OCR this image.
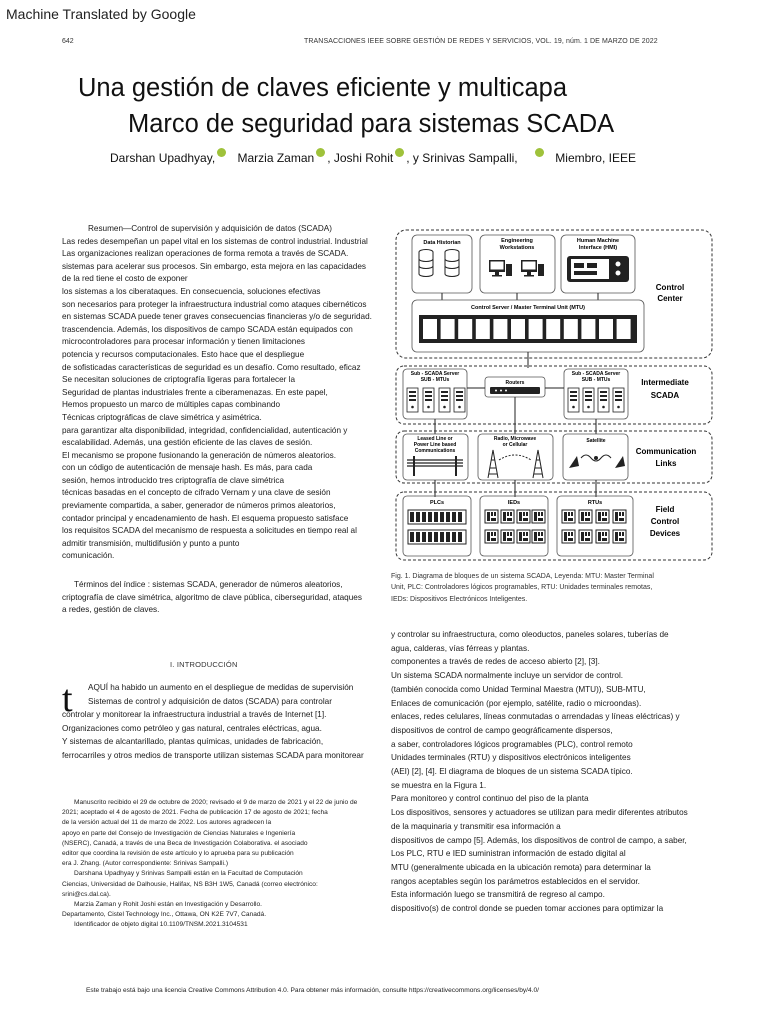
Machine Translated by Google
642	TRANSACCIONES IEEE SOBRE GESTIÓN DE REDES Y SERVICIOS, VOL. 19, núm. 1 DE MARZO DE 2022
Una gestión de claves eficiente y multicapa
Marco de seguridad para sistemas SCADA
Darshan Upadhyay, Marzia Zaman , Joshi Rohit , y Srinivas Sampalli,	Miembro, IEEE

Resumen—Control de supervisión y adquisición de datos (SCADA)

Las redes desempeñan un papel vital en los sistemas de control industrial. Industrial

Las organizaciones realizan operaciones de forma remota a través de SCADA.

sistemas para acelerar sus procesos. Sin embargo, esta mejora en las capacidades

de la red tiene el costo de exponer

los sistemas a los ciberataques. En consecuencia, soluciones efectivas

son necesarios para proteger la infraestructura industrial como ataques cibernéticos

en sistemas SCADA puede tener graves consecuencias financieras y/o de seguridad.

trascendencia. Además, los dispositivos de campo SCADA están equipados con

microcontroladores para procesar información y tienen limitaciones

potencia y recursos computacionales. Esto hace que el despliegue

de sofisticadas características de seguridad es un desafío. Como resultado, eficaz

Se necesitan soluciones de criptografía ligeras para fortalecer la

Seguridad de plantas industriales frente a ciberamenazas. En este papel,

Hemos propuesto un marco de múltiples capas combinando

Técnicas criptográficas de clave simétrica y asimétrica.

para garantizar alta disponibilidad, integridad, confidencialidad, autenticación y

escalabilidad. Además, una gestión eficiente de las claves de sesión.

El mecanismo se propone fusionando la generación de números aleatorios.

con un código de autenticación de mensaje hash. Es más, para cada

sesión, hemos introducido tres criptografía de clave simétrica

técnicas basadas en el concepto de cifrado Vernam y una clave de sesión

previamente compartida, a saber, generador de números primos aleatorios,

contador principal y encadenamiento de hash. El esquema propuesto satisface

los requisitos SCADA del mecanismo de respuesta a solicitudes en tiempo real al

admitir transmisión, multidifusión y punto a punto

comunicación.

Términos del índice : sistemas SCADA, generador de números aleatorios,

criptografía de clave simétrica, algoritmo de clave pública, ciberseguridad, ataques

a redes, gestión de claves.

I. INTRODUCCIÓN
t	AQUÍ ha habido un aumento en el despliegue de medidas de supervisión

Sistemas de control y adquisición de datos (SCADA) para controlar

controlar y monitorear la infraestructura industrial a través de Internet [1].

Organizaciones como petróleo y gas natural, centrales eléctricas, agua.

Y sistemas de alcantarillado, plantas químicas, unidades de fabricación,

ferrocarriles y otros medios de transporte utilizan sistemas SCADA para monitorear

Manuscrito recibido el 29 de octubre de 2020; revisado el 9 de marzo de 2021 y el 22 de junio de

2021; aceptado el 4 de agosto de 2021. Fecha de publicación 17 de agosto de 2021; fecha

de la versión actual del 11 de marzo de 2022. Los autores agradecen la

apoyo en parte del Consejo de Investigación de Ciencias Naturales e Ingeniería

(NSERC), Canadá, a través de una Beca de Investigación Colaborativa. el asociado

editor que coordina la revisión de este artículo y lo aprueba para su publicación

era J. Zhang. (Autor correspondiente: Srinivas Sampalli.)

Darshana Upadhyay y Srinivas Sampalli están en la Facultad de Computación

Ciencias, Universidad de Dalhousie, Halifax, NS B3H 1W5, Canadá (correo electrónico:

srini@cs.dal.ca).

Marzia Zaman y Rohit Joshi están en Investigación y Desarrollo.

Departamento, Cistel Technology Inc., Ottawa, ON K2E 7V7, Canadá.

Identificador de objeto digital 10.1109/TNSM.2021.3104531

Este trabajo está bajo una licencia Creative Commons Attribution 4.0. Para obtener más información, consulte https://creativecommons.org/licenses/by/4.0/
Data Historian	Engineering
Workstations
Human Machine
Interface (HMI)
Control
Center
Control Server / Master Terminal Unit (MTU)
Sub - SCADA Server
SUB - MTUs
Sub - SCADA Server
SUB - MTUs
Routers	Intermediate
SCADA
Leased Line or
Power Line based
Communications
Radio, Microwave
or Cellular
Satellite
Communication
Links
PLCs	IEDs	RTUs
Field
Control
Devices

Fig. 1. Diagrama de bloques de un sistema SCADA, Leyenda: MTU: Master Terminal

Unit, PLC: Controladores lógicos programables, RTU: Unidades terminales remotas,

IEDs: Dispositivos Electrónicos Inteligentes.

y controlar su infraestructura, como oleoductos, paneles solares, tuberías de

agua, calderas, vías férreas y plantas.

componentes a través de redes de acceso abierto [2], [3].

Un sistema SCADA normalmente incluye un servidor de control.

(también conocida como Unidad Terminal Maestra (MTU)), SUB-MTU,

Enlaces de comunicación (por ejemplo, satélite, radio o microondas).

enlaces, redes celulares, líneas conmutadas o arrendadas y líneas eléctricas) y

dispositivos de control de campo geográficamente dispersos,

a saber, controladores lógicos programables (PLC), control remoto

Unidades terminales (RTU) y dispositivos electrónicos inteligentes

(AEI) [2], [4]. El diagrama de bloques de un sistema SCADA típico.

se muestra en la Figura 1.

Para monitoreo y control continuo del piso de la planta

Los dispositivos, sensores y actuadores se utilizan para medir diferentes atributos

de la maquinaria y transmitir esa información a

dispositivos de campo [5]. Además, los dispositivos de control de campo, a saber,

Los PLC, RTU e IED suministran información de estado digital al

MTU (generalmente ubicada en la ubicación remota) para determinar la

rangos aceptables según los parámetros establecidos en el servidor.

Esta información luego se transmitirá de regreso al campo.

dispositivo(s) de control donde se pueden tomar acciones para optimizar la
